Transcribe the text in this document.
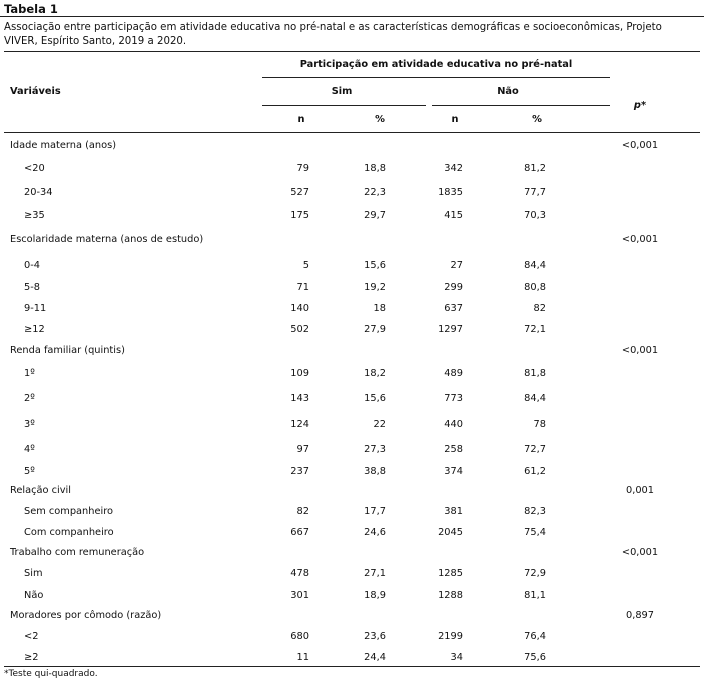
Tabela 1
Associação entre participação em atividade educativa no pré-natal e as características demográficas e socioeconômicas, Projeto VIVER, Espírito Santo, 2019 a 2020.
Variáveis
Participação em atividade educativa no pré-natal
Sim	Não
n	%	n	%
p*
Idade materna (anos)	<0,001
<20	79	18,8	342	81,2
20-34	527	22,3	1835	77,7
≥35	175	29,7	415	70,3
Escolaridade materna (anos de estudo)	<0,001
0-4	5	15,6	27	84,4
5-8	71	19,2	299	80,8
9-11	140	18	637	82
≥12	502	27,9	1297	72,1
Renda familiar (quintis)	<0,001
1º	109	18,2	489	81,8
2º	143	15,6	773	84,4
3º	124	22	440	78
4º	97	27,3	258	72,7
5º	237	38,8	374	61,2
Relação civil	0,001
Sem companheiro	82	17,7	381	82,3
Com companheiro	667	24,6	2045	75,4
Trabalho com remuneração	<0,001
Sim	478	27,1	1285	72,9
Não	301	18,9	1288	81,1
Moradores por cômodo (razão)	0,897
<2	680	23,6	2199	76,4
≥2	11	24,4	34	75,6
*Teste qui-quadrado.
